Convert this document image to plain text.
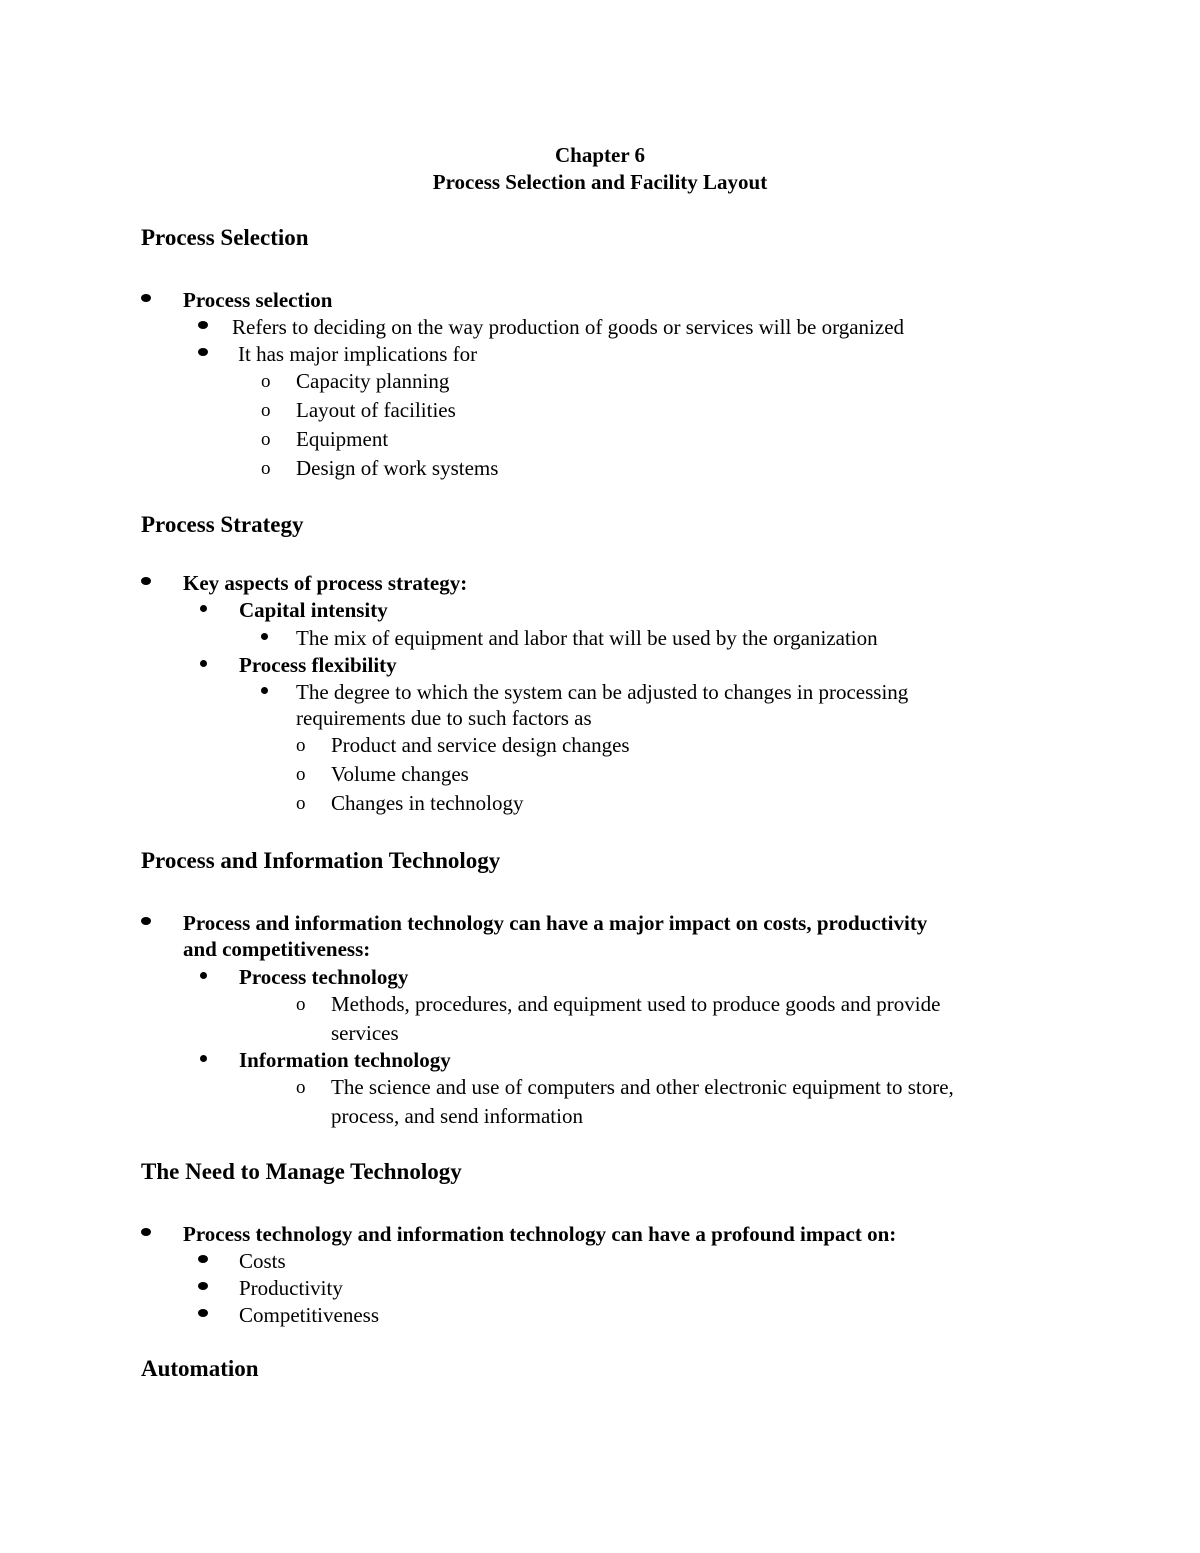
Chapter 6
Process Selection and Facility Layout
Process Selection
Process selection
Refers to deciding on the way production of goods or services will be organized
It has major implications for
o Capacity planning
o Layout of facilities
o Equipment
o Design of work systems
Process Strategy
Key aspects of process strategy:
Capital intensity
The mix of equipment and labor that will be used by the organization
Process flexibility
The degree to which the system can be adjusted to changes in processing
requirements due to such factors as
o Product and service design changes
o Volume changes
o Changes in technology
Process and Information Technology
Process and information technology can have a major impact on costs, productivity
and competitiveness:
Process technology
o Methods, procedures, and equipment used to produce goods and provide
services
Information technology
o The science and use of computers and other electronic equipment to store,
process, and send information
The Need to Manage Technology
Process technology and information technology can have a profound impact on:
Costs
Productivity
Competitiveness
Automation
